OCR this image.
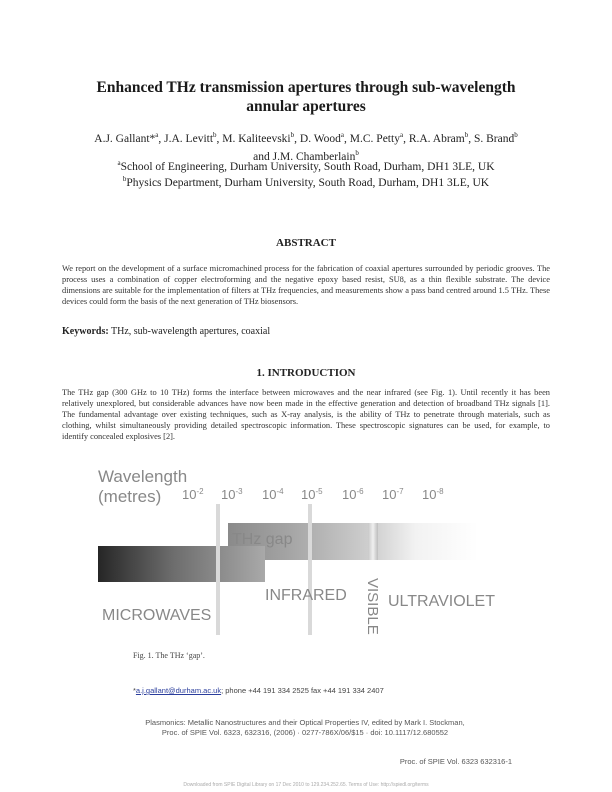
Enhanced THz transmission apertures through sub-wavelength
annular apertures
A.J. Gallant*$^a$, J.A. Levitt$^b$, M. Kaliteevski$^b$, D. Wood$^a$, M.C. Petty$^a$, R.A. Abram$^b$, S. Brand$^b$
and J.M. Chamberlain$^b$
$^a$School of Engineering, Durham University, South Road, Durham, DH1 3LE, UK
$^b$Physics Department, Durham University, South Road, Durham, DH1 3LE, UK
ABSTRACT
We report on the development of a surface micromachined process for the fabrication of coaxial apertures surrounded by periodic grooves. The process uses a combination of copper electroforming and the negative epoxy based resist, SU8, as a thin flexible substrate. The device dimensions are suitable for the implementation of filters at THz frequencies, and measurements show a pass band centred around 1.5 THz. These devices could form the basis of the next generation of THz biosensors.
Keywords: THz, sub-wavelength apertures, coaxial
1. INTRODUCTION
The THz gap (300 GHz to 10 THz) forms the interface between microwaves and the near infrared (see Fig. 1). Until recently it has been relatively unexplored, but considerable advances have now been made in the effective generation and detection of broadband THz signals [1]. The fundamental advantage over existing techniques, such as X-ray analysis, is the ability of THz to penetrate through materials, such as clothing, whilst simultaneously providing detailed spectroscopic information. These spectroscopic signatures can be used, for example, to identify concealed explosives [2].
Wavelength
(metres) $10^{-2}$ $10^{-3}$ $10^{-4}$ $10^{-5}$ $10^{-6}$ $10^{-7}$ $10^{-8}$
THz gap
MICROWAVES
INFRARED	ULTRAVIOLET
VISIBLE
Fig. 1. The THz ‘gap’.
*a.j.gallant@durham.ac.uk; phone +44 191 334 2525 fax +44 191 334 2407
Plasmonics: Metallic Nanostructures and their Optical Properties IV, edited by Mark I. Stockman,
Proc. of SPIE Vol. 6323, 632316, (2006) · 0277-786X/06/$15 · doi: 10.1117/12.680552
Proc. of SPIE Vol. 6323 632316-1
Downloaded from SPIE Digital Library on 17 Dec 2010 to 129.234.252.65. Terms of Use: http://spiedl.org/terms
